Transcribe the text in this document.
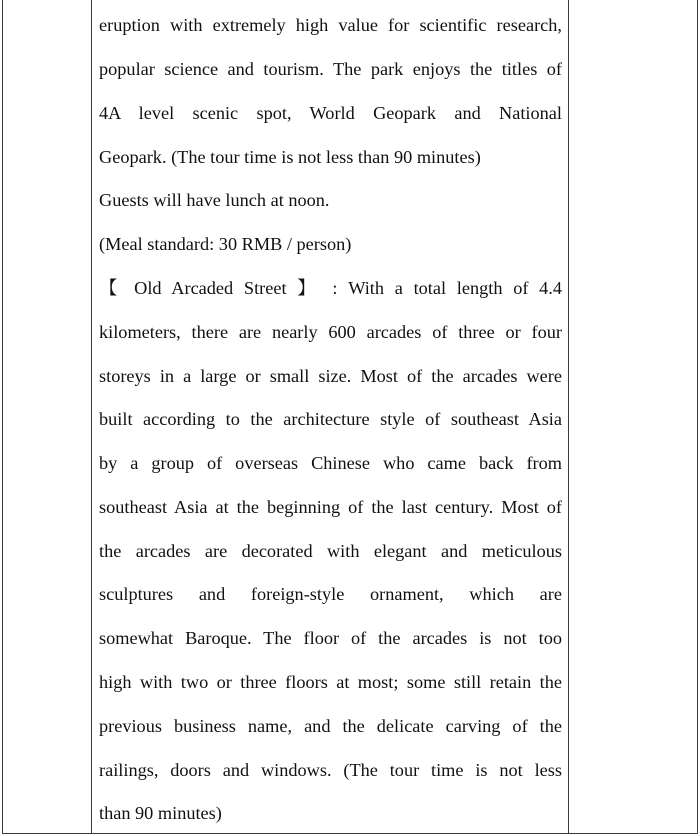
eruption with extremely high value for scientific research,
popular science and tourism. The park enjoys the titles of
4A level scenic spot, World Geopark and National
Geopark. (The tour time is not less than 90 minutes)
Guests will have lunch at noon.
(Meal standard: 30 RMB / person)
【 Old Arcaded Street 】 : With a total length of 4.4
kilometers, there are nearly 600 arcades of three or four
storeys in a large or small size. Most of the arcades were
built according to the architecture style of southeast Asia
by a group of overseas Chinese who came back from
southeast Asia at the beginning of the last century. Most of
the arcades are decorated with elegant and meticulous
sculptures and foreign-style ornament, which are
somewhat Baroque. The floor of the arcades is not too
high with two or three floors at most; some still retain the
previous business name, and the delicate carving of the
railings, doors and windows. (The tour time is not less
than 90 minutes)
